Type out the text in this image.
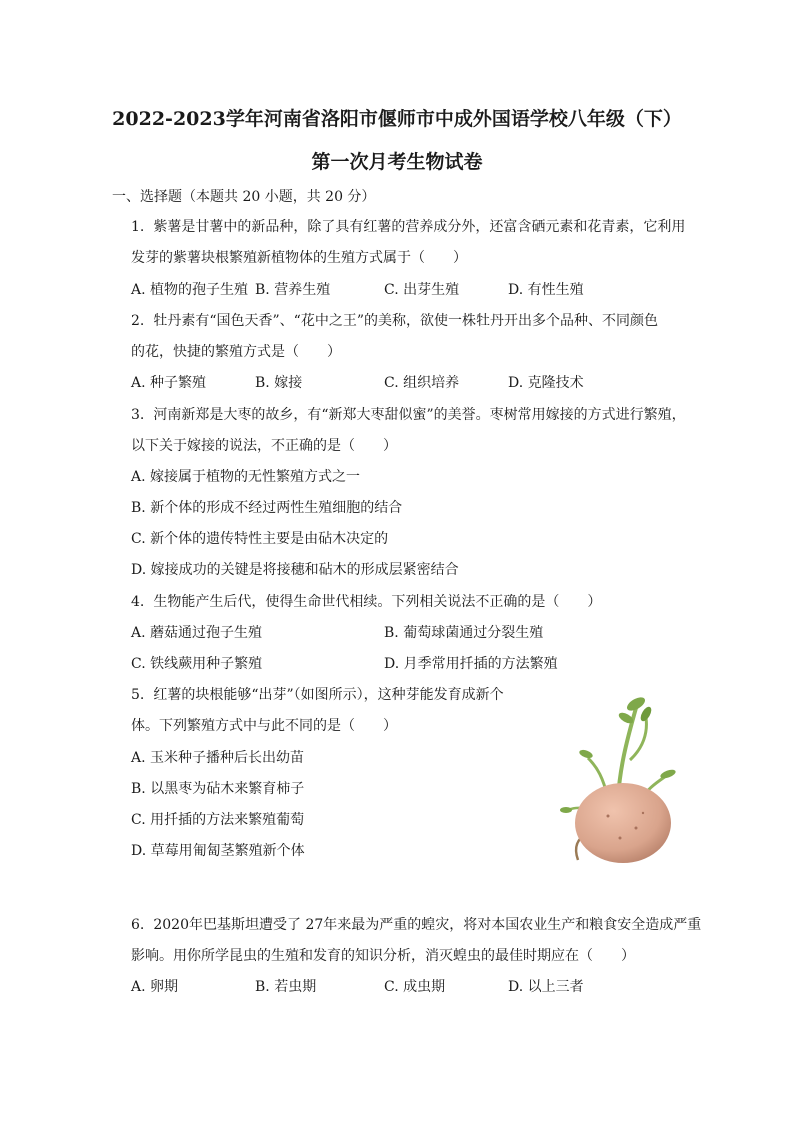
2022-2023学年河南省洛阳市偃师市中成外国语学校八年级（下）
第一次月考生物试卷
一、选择题（本题共 20 小题，共 20 分）
1. 紫薯是甘薯中的新品种，除了具有红薯的营养成分外，还富含硒元素和花青素，它利用
发芽的紫薯块根繁殖新植物体的生殖方式属于（　　）
A. 植物的孢子生殖 B. 营养生殖	C. 出芽生殖	D. 有性生殖
2. 牡丹素有“国色天香”、“花中之王”的美称，欲使一株牡丹开出多个品种、不同颜色
的花，快捷的繁殖方式是（　　）
A. 种子繁殖	B. 嫁接	C. 组织培养	D. 克隆技术
3. 河南新郑是大枣的故乡，有“新郑大枣甜似蜜”的美誉。枣树常用嫁接的方式进行繁殖，
以下关于嫁接的说法，不正确的是（　　）
A. 嫁接属于植物的无性繁殖方式之一
B. 新个体的形成不经过两性生殖细胞的结合
C. 新个体的遗传特性主要是由砧木决定的
D. 嫁接成功的关键是将接穗和砧木的形成层紧密结合
4. 生物能产生后代，使得生命世代相续。下列相关说法不正确的是（　　）
A. 蘑菇通过孢子生殖	B. 葡萄球菌通过分裂生殖
C. 铁线蕨用种子繁殖	D. 月季常用扦插的方法繁殖
5. 红薯的块根能够“出芽”（如图所示），这种芽能发育成新个
体。下列繁殖方式中与此不同的是（　　）
A. 玉米种子播种后长出幼苗
B. 以黑枣为砧木来繁育柿子
C. 用扦插的方法来繁殖葡萄
D. 草莓用匍匐茎繁殖新个体
6. 2020年巴基斯坦遭受了 27年来最为严重的蝗灾，将对本国农业生产和粮食安全造成严重
影响。用你所学昆虫的生殖和发育的知识分析，消灭蝗虫的最佳时期应在（　　）
A. 卵期	B. 若虫期	C. 成虫期	D. 以上三者
